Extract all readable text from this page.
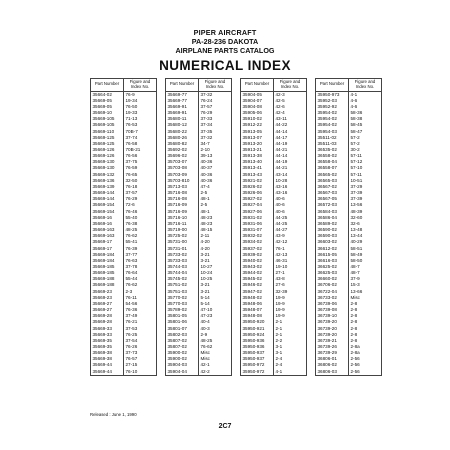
PIPER AIRCRAFT
PA-28-236 DAKOTA
AIRPLANE PARTS CATALOG
NUMERICAL INDEX
Part Number	Figure and Index No.
35664-02	76-9
35669-05	19-34
35669-05	76-50
35669-10	19-33
35669-105	71-13
35669-105	76-53
35669-110	70B-7
35669-125	37-74
35669-125	76-58
35669-126	70B-21
35669-126	76-56
35669-130	37-75
35669-130	76-59
35669-132	76-65
35669-136	32-50
35669-139	76-18
35669-144	37-57
35669-144	76-29
35669-154	72-6
35669-154	76-46
35669-16	55-40
35669-16	76-38
35669-163	48-25
35669-163	76-62
35669-17	55-41
35669-17	76-39
35669-184	37-77
35669-184	76-63
35669-185	37-78
35669-185	76-64
35669-188	55-44
35669-188	76-62
35669-23	2-3
35669-23	76-11
35669-27	54-56
35669-27	76-36
35669-28	37-49
35669-28	76-21
35669-33	37-53
35669-33	76-25
35669-35	37-54
35669-35	76-26
35669-38	37-73
35669-38	76-57
35669-44	27-15
35669-44	76-10
Part Number	Figure and Index No.
35669-77	37-32
35669-77	76-24
35669-91	37-57
35669-91	76-29
35680-11	37-33
35680-12	37-34
35680-22	37-35
35680-26	37-32
35680-82	34-7
35692-02	2-10
35696-02	39-13
35703-07	40-36
35703-08	40-37
35703-09	40-36
35703-810	40-36
35713-03	47-4
35716-08	2-5
35716-08	48-1
35716-09	2-5
35716-09	48-1
35716-10	48-23
35716-11	48-23
35719-00	48-15
35725-02	2-11
35731-00	4-20
35731-01	4-20
35733-02	3-21
35733-03	3-21
35744-03	10-27
35744-04	10-24
35745-02	10-25
35751-02	3-21
35751-03	3-21
35770-02	5-14
35770-03	5-14
35789-02	47-10
35801-05	47-23
35801-06	40-4
35801-07	40-3
35802-03	2-9
35807-02	48-25
35807-02	76-62
35900-02	Misc
35900-02	Misc
35904-03	42-1
35904-04	42-2
Part Number	Figure and Index No.
35904-05	42-3
35904-07	42-5
35904-08	42-6
35905-06	42-4
35910-02	43-11
35912-22	44-22
35913-05	44-14
35913-07	44-17
35913-20	44-19
35913-21	44-21
35913-38	44-14
35913-40	44-19
35913-41	44-21
35913-43	43-14
35921-02	10-28
35926-02	43-16
35926-06	43-16
35927-02	40-6
35927-04	40-6
35927-06	40-6
35931-02	44-25
35931-06	44-25
35931-07	44-27
35932-02	43-9
35934-02	42-12
35937-02	76-1
35939-02	42-13
35940-02	46-31
35943-02	19-10
35944-02	27-1
35945-02	43-8
35946-02	27-6
35947-02	32-39
35948-02	19-9
35948-06	19-9
35948-07	19-9
35948-08	19-9
35950-920	2-1
35950-921	2-1
35950-924	2-1
35950-936	2-2
35950-936	3-1
35950-937	3-1
35950-937	2-4
35950-972	2-4
35950-972	4-1
Part Number	Figure and Index No.
35950-973	4-1
35952-03	4-6
35952-92	4-6
35954-02	58-36
35954-02	58-38
35954-02	58-45
35954-03	58-47
35511-02	57-2
35511-03	57-2
36535-02	30-2
36558-02	57-11
36558-04	57-12
36558-07	57-10
36565-02	57-11
36565-03	10-51
36567-02	37-29
36567-03	37-39
36567-05	37-39
36572-03	13-56
36584-03	48-39
36586-04	32-60
36589-02	32-6
36590-02	13-48
36590-03	13-44
36603-02	40-29
36612-02	58-51
36615-05	58-49
36616-03	58-50
36625-02	48-7
36625-03	48-7
36660-02	37-9
36706-02	15-3
36722-04	13-66
36733-02	Misc
36739-06	2-8
36739-08	2-8
36739-10	2-8
36739-20	2-8
36739-20	2-8
36739-20	2-8
36739-21	2-8
36739-26	2-8a
36739-29	2-8a
36806-01	2-56
36806-02	2-56
36806-03	2-56
Released : June 1, 1990
2C7
